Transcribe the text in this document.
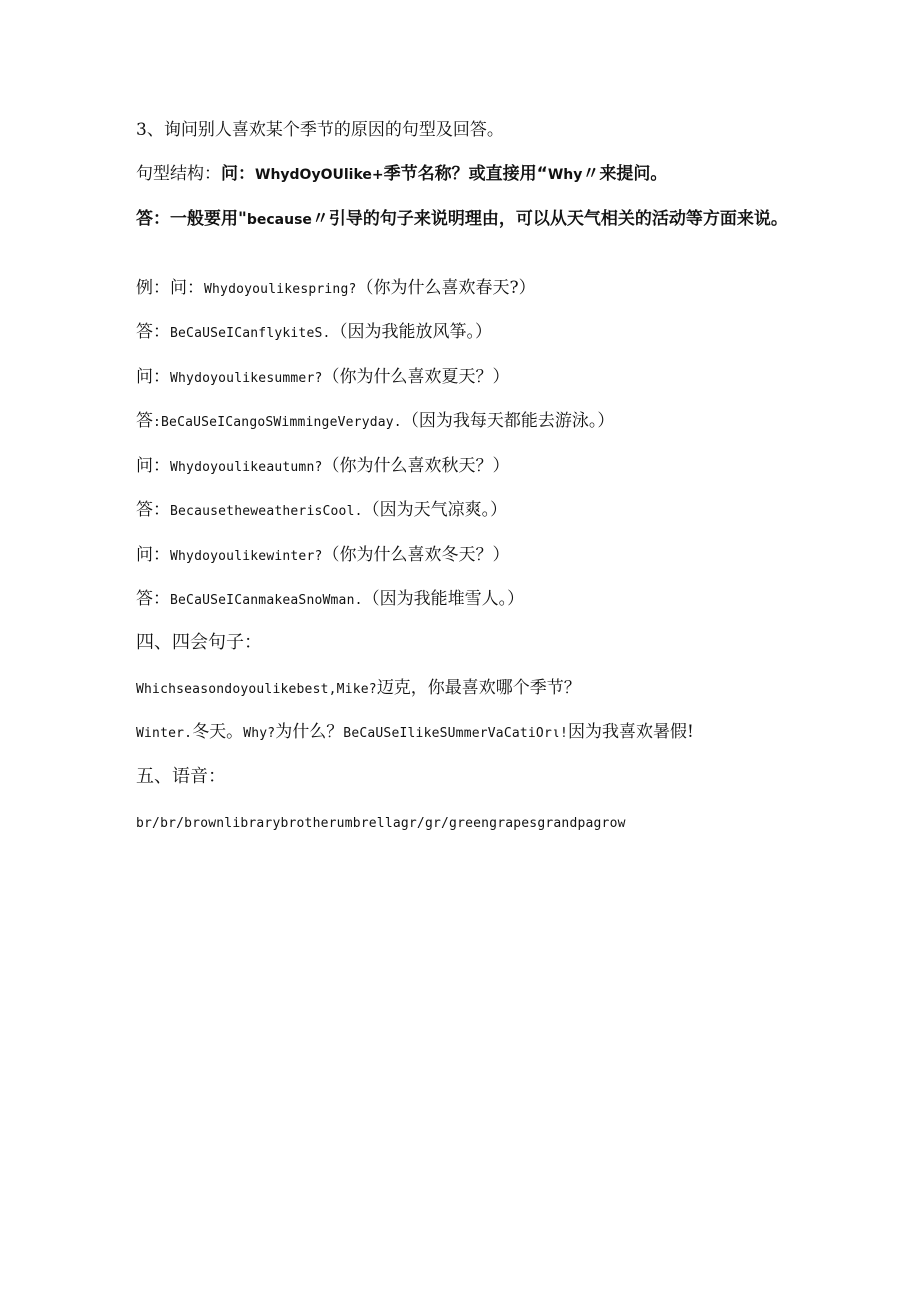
3、询问别人喜欢某个季节的原因的句型及回答。
句型结构：问：WhydOyOUlike+季节名称？或直接用“Why〃来提问。
答：一般要用"because〃引导的句子来说明理由，可以从天气相关的活动等方面来说。
例：问：Whydoyoulikespring?（你为什么喜欢春天?）
答：BeCaUSeICanflykiteS.（因为我能放风筝。）
问：Whydoyoulikesummer?（你为什么喜欢夏天？）
答:BeCaUSeICangoSWimmingeVeryday.（因为我每天都能去游泳。）
问：Whydoyoulikeautumn?（你为什么喜欢秋天？）
答：BecausetheweatherisCool.（因为天气凉爽。）
问：Whydoyoulikewinter?（你为什么喜欢冬天？）
答：BeCaUSeICanmakeaSnoWman.（因为我能堆雪人。）
四、四会句子：
Whichseasondoyoulikebest,Mike?迈克，你最喜欢哪个季节？
Winter.冬天。Why?为什么？BeCaUSeIlikeSUmmerVaCatiOrι!因为我喜欢暑假!
五、语音：
br/br/brownlibrarybrotherumbrellagr/gr/greengrapesgrandpagrow
